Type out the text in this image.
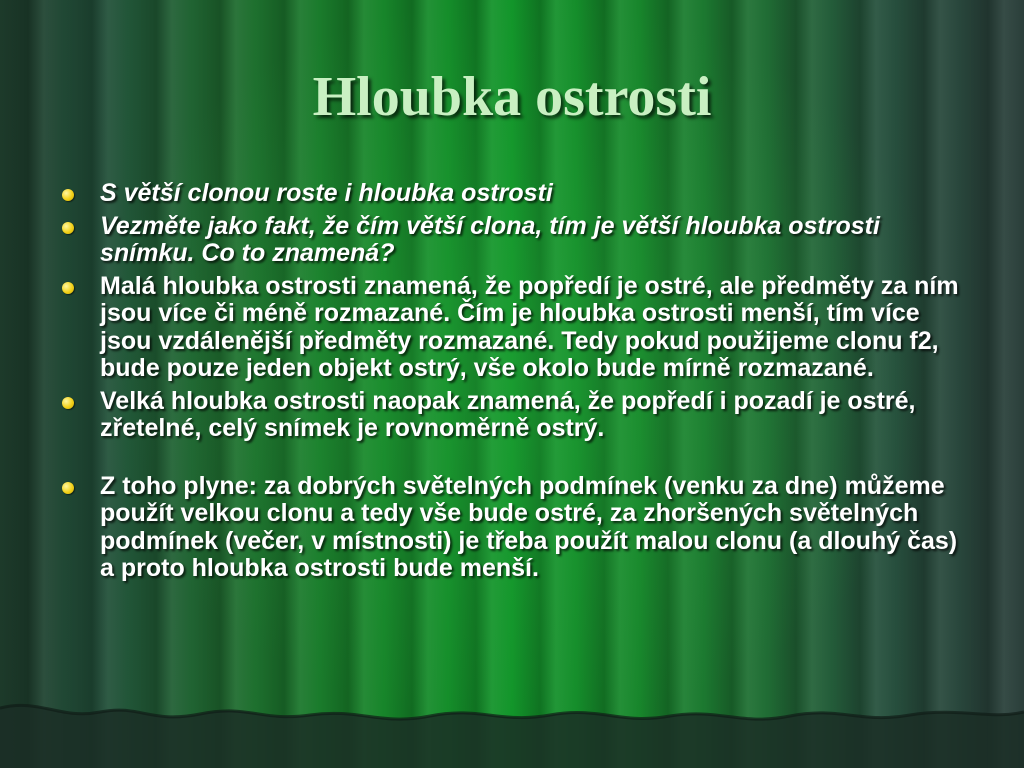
Hloubka ostrosti
S větší clonou roste i hloubka ostrosti
Vezměte jako fakt, že čím větší clona, tím je větší hloubka ostrosti snímku. Co to znamená?
Malá hloubka ostrosti znamená, že popředí je ostré, ale předměty za ním jsou více či méně rozmazané. Čím je hloubka ostrosti menší, tím více jsou vzdálenější předměty rozmazané. Tedy pokud použijeme clonu f2, bude pouze jeden objekt ostrý, vše okolo bude mírně rozmazané.
Velká hloubka ostrosti naopak znamená, že popředí i pozadí je ostré, zřetelné, celý snímek je rovnoměrně ostrý.
Z toho plyne: za dobrých světelných podmínek (venku za dne) můžeme použít velkou clonu a tedy vše bude ostré, za zhoršených světelných podmínek (večer, v místnosti) je třeba použít malou clonu (a dlouhý čas) a proto hloubka ostrosti bude menší.
